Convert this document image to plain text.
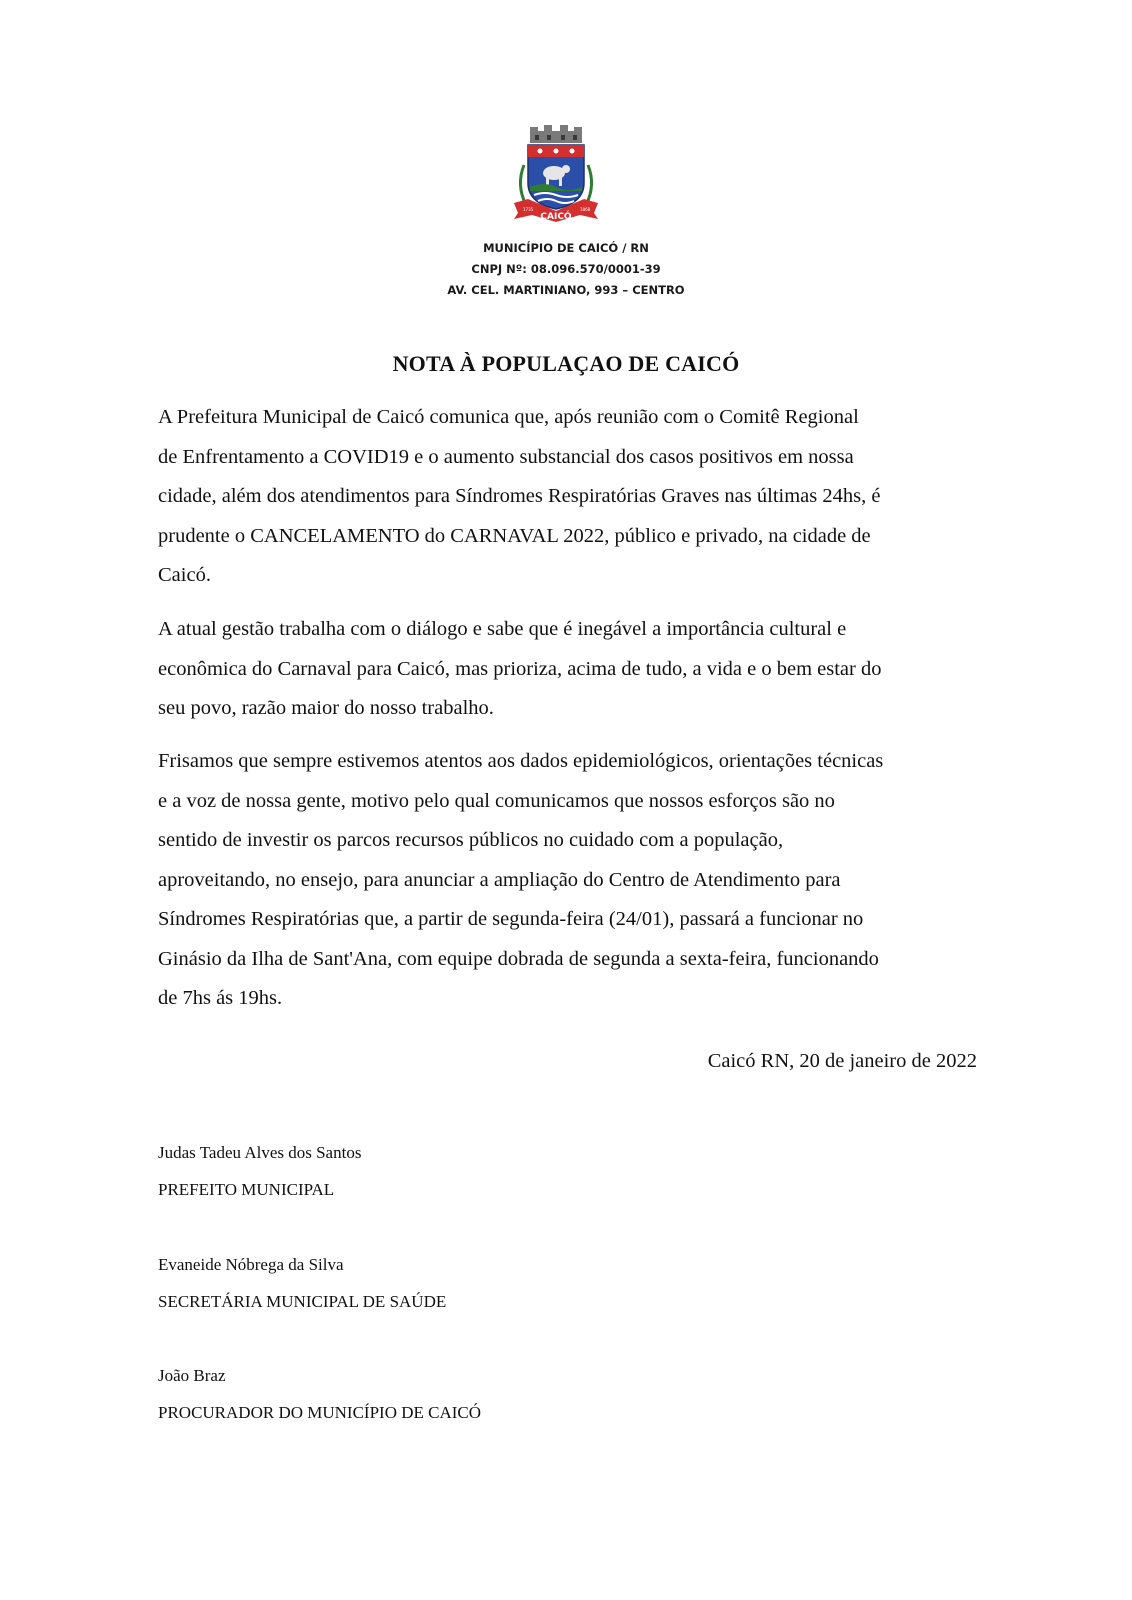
1735	1868
CAICÓ
MUNICÍPIO DE CAICÓ / RN
CNPJ Nº: 08.096.570/0001-39
AV. CEL. MARTINIANO, 993 – CENTRO
NOTA À POPULAÇAO DE CAICÓ

A Prefeitura Municipal de Caicó comunica que, após reunião com o Comitê Regional
de Enfrentamento a COVID19 e o aumento substancial dos casos positivos em nossa
cidade, além dos atendimentos para Síndromes Respiratórias Graves nas últimas 24hs, é
prudente o CANCELAMENTO do CARNAVAL 2022, público e privado, na cidade de
Caicó.

A atual gestão trabalha com o diálogo e sabe que é inegável a importância cultural e
econômica do Carnaval para Caicó, mas prioriza, acima de tudo, a vida e o bem estar do
seu povo, razão maior do nosso trabalho.

Frisamos que sempre estivemos atentos aos dados epidemiológicos, orientações técnicas
e a voz de nossa gente, motivo pelo qual comunicamos que nossos esforços são no
sentido de investir os parcos recursos públicos no cuidado com a população,
aproveitando, no ensejo, para anunciar a ampliação do Centro de Atendimento para
Síndromes Respiratórias que, a partir de segunda-feira (24/01), passará a funcionar no
Ginásio da Ilha de Sant'Ana, com equipe dobrada de segunda a sexta-feira, funcionando
de 7hs ás 19hs.

Caicó RN, 20 de janeiro de 2022
Judas Tadeu Alves dos Santos
PREFEITO MUNICIPAL
Evaneide Nóbrega da Silva
SECRETÁRIA MUNICIPAL DE SAÚDE
João Braz
PROCURADOR DO MUNICÍPIO DE CAICÓ
